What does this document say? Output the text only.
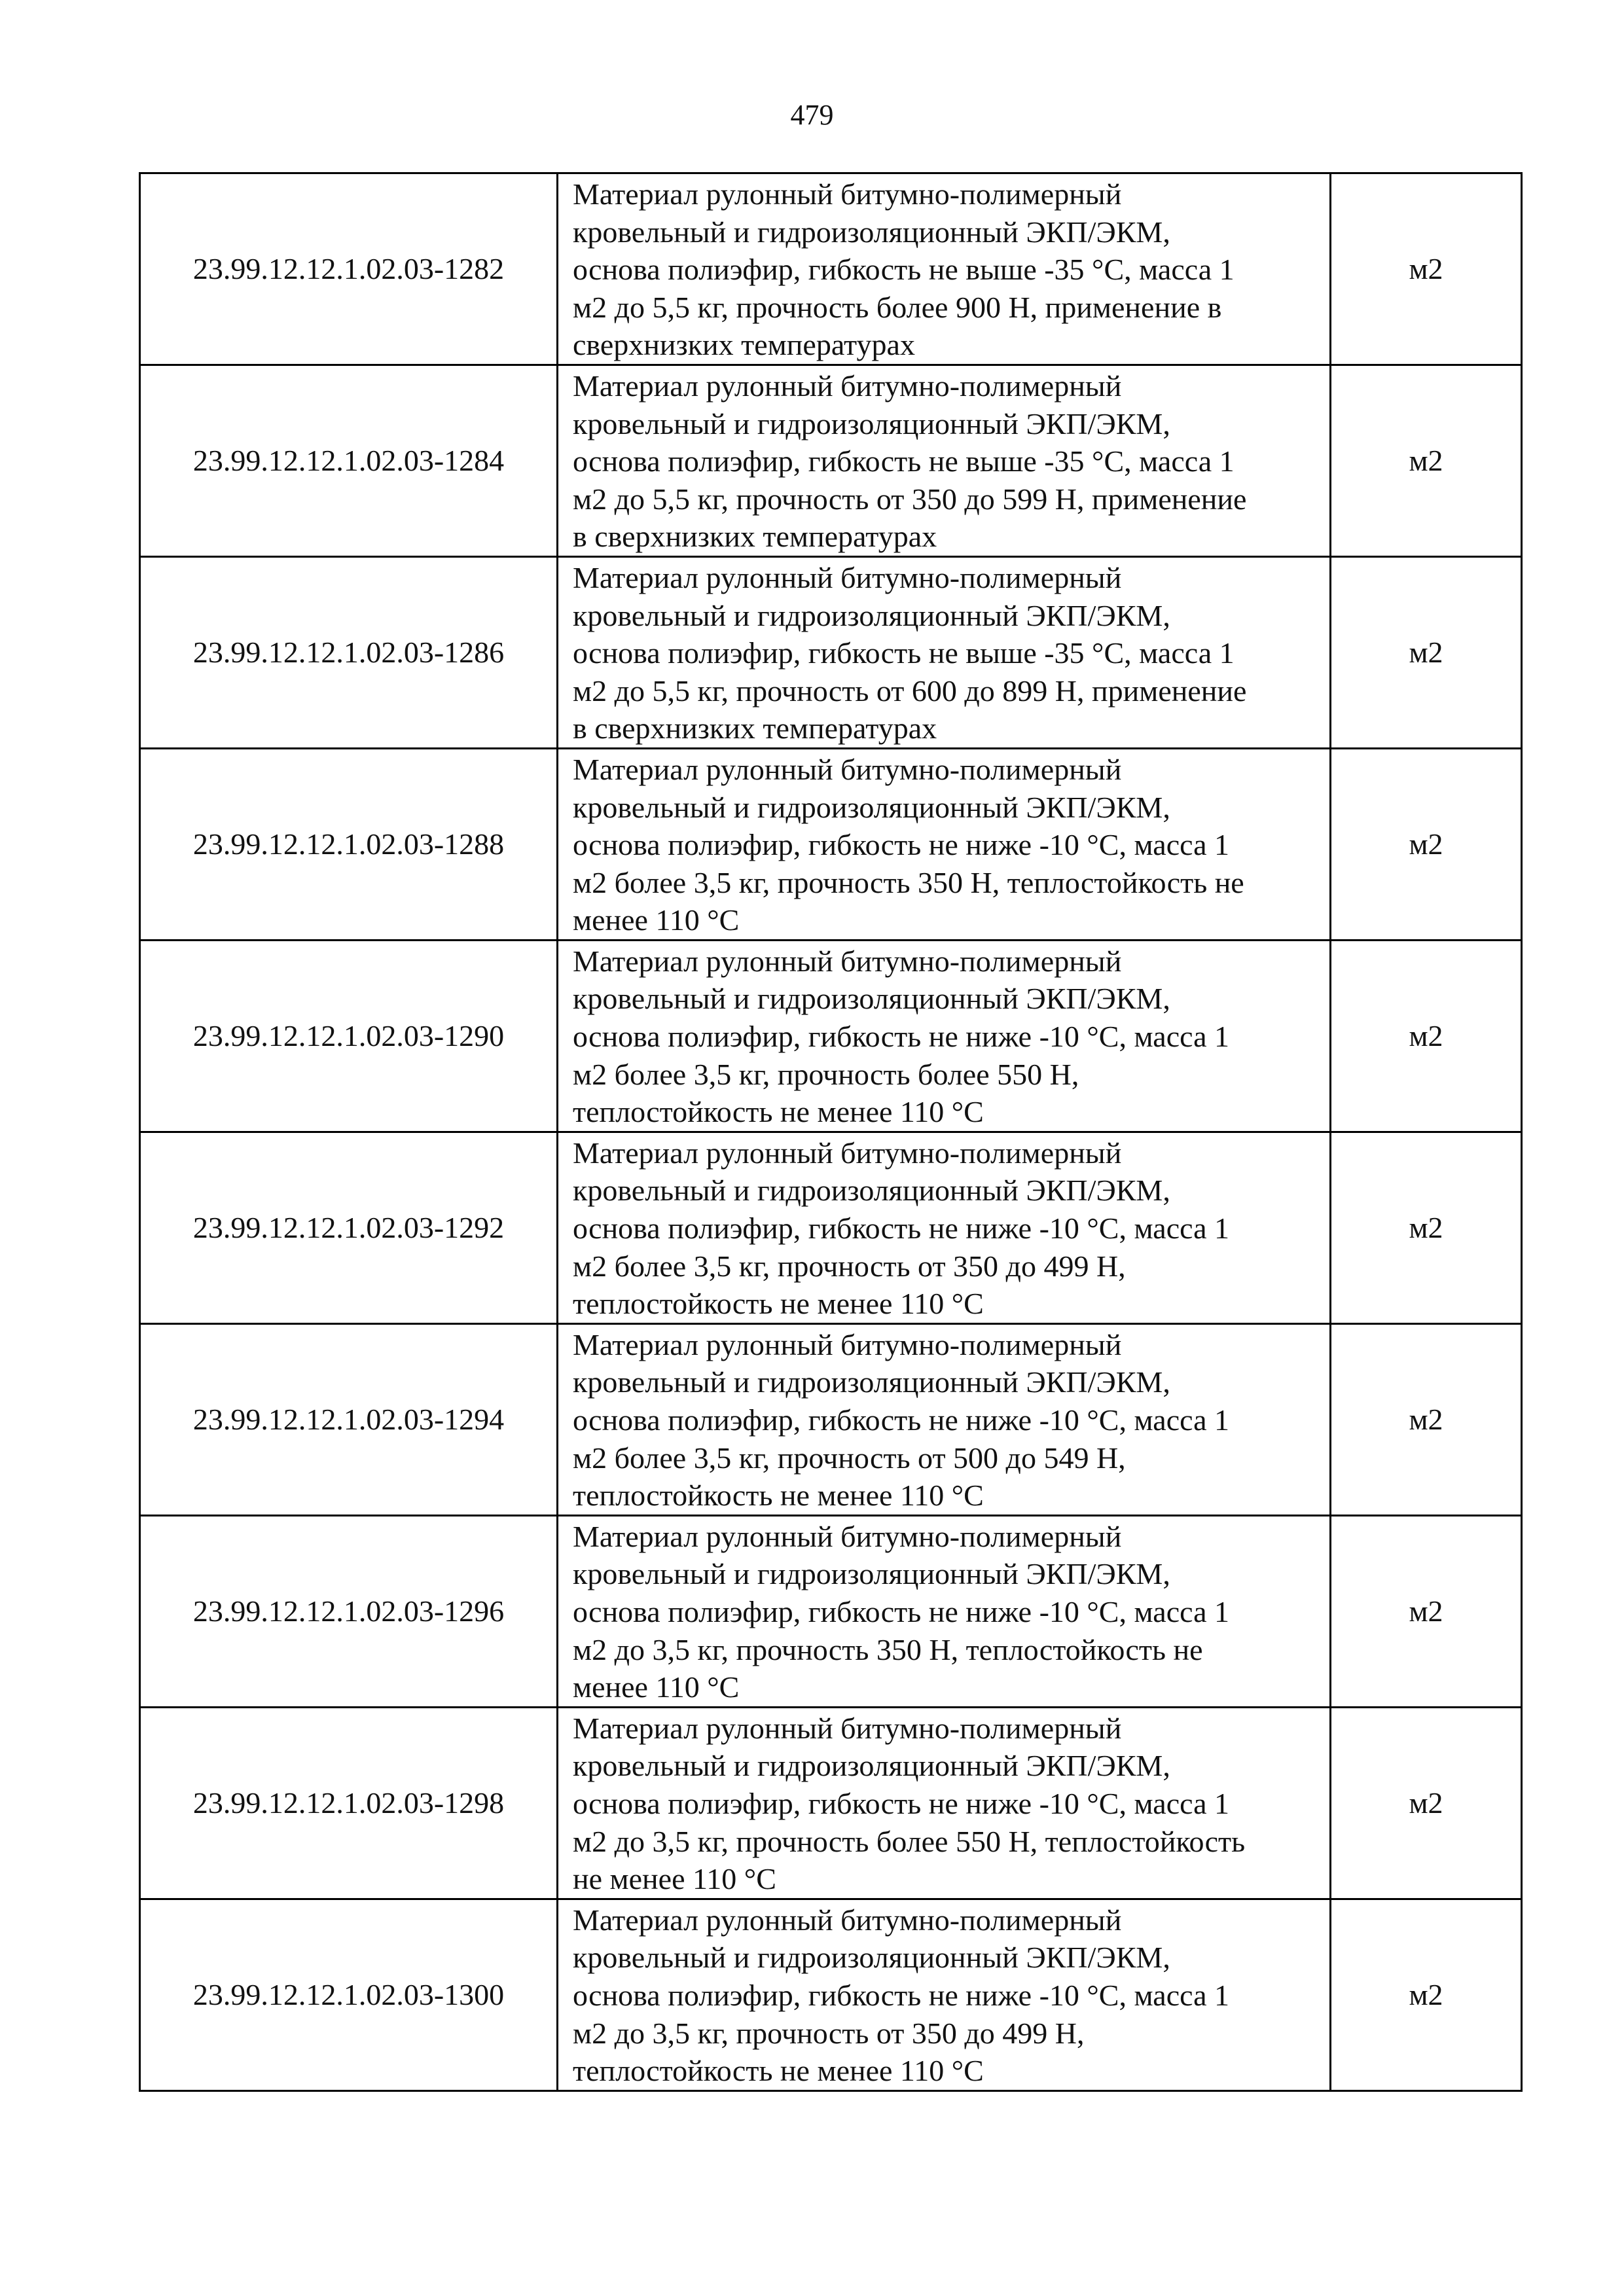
479
23.99.12.12.1.02.03-1282	Материал рулонный битумно-полимерный
кровельный и гидроизоляционный ЭКП/ЭКМ,
основа полиэфир, гибкость не выше -35 °С, масса 1
м2 до 5,5 кг, прочность более 900 Н, применение в
сверхнизких температурах	м2
23.99.12.12.1.02.03-1284	Материал рулонный битумно-полимерный
кровельный и гидроизоляционный ЭКП/ЭКМ,
основа полиэфир, гибкость не выше -35 °С, масса 1
м2 до 5,5 кг, прочность от 350 до 599 Н, применение
в сверхнизких температурах	м2
23.99.12.12.1.02.03-1286	Материал рулонный битумно-полимерный
кровельный и гидроизоляционный ЭКП/ЭКМ,
основа полиэфир, гибкость не выше -35 °С, масса 1
м2 до 5,5 кг, прочность от 600 до 899 Н, применение
в сверхнизких температурах	м2
23.99.12.12.1.02.03-1288	Материал рулонный битумно-полимерный
кровельный и гидроизоляционный ЭКП/ЭКМ,
основа полиэфир, гибкость не ниже -10 °С, масса 1
м2 более 3,5 кг, прочность 350 Н, теплостойкость не
менее 110 °С	м2
23.99.12.12.1.02.03-1290	Материал рулонный битумно-полимерный
кровельный и гидроизоляционный ЭКП/ЭКМ,
основа полиэфир, гибкость не ниже -10 °С, масса 1
м2 более 3,5 кг, прочность более 550 Н,
теплостойкость не менее 110 °С	м2
23.99.12.12.1.02.03-1292	Материал рулонный битумно-полимерный
кровельный и гидроизоляционный ЭКП/ЭКМ,
основа полиэфир, гибкость не ниже -10 °С, масса 1
м2 более 3,5 кг, прочность от 350 до 499 Н,
теплостойкость не менее 110 °С	м2
23.99.12.12.1.02.03-1294	Материал рулонный битумно-полимерный
кровельный и гидроизоляционный ЭКП/ЭКМ,
основа полиэфир, гибкость не ниже -10 °С, масса 1
м2 более 3,5 кг, прочность от 500 до 549 Н,
теплостойкость не менее 110 °С	м2
23.99.12.12.1.02.03-1296	Материал рулонный битумно-полимерный
кровельный и гидроизоляционный ЭКП/ЭКМ,
основа полиэфир, гибкость не ниже -10 °С, масса 1
м2 до 3,5 кг, прочность 350 Н, теплостойкость не
менее 110 °С	м2
23.99.12.12.1.02.03-1298	Материал рулонный битумно-полимерный
кровельный и гидроизоляционный ЭКП/ЭКМ,
основа полиэфир, гибкость не ниже -10 °С, масса 1
м2 до 3,5 кг, прочность более 550 Н, теплостойкость
не менее 110 °С	м2
23.99.12.12.1.02.03-1300	Материал рулонный битумно-полимерный
кровельный и гидроизоляционный ЭКП/ЭКМ,
основа полиэфир, гибкость не ниже -10 °С, масса 1
м2 до 3,5 кг, прочность от 350 до 499 Н,
теплостойкость не менее 110 °С	м2
